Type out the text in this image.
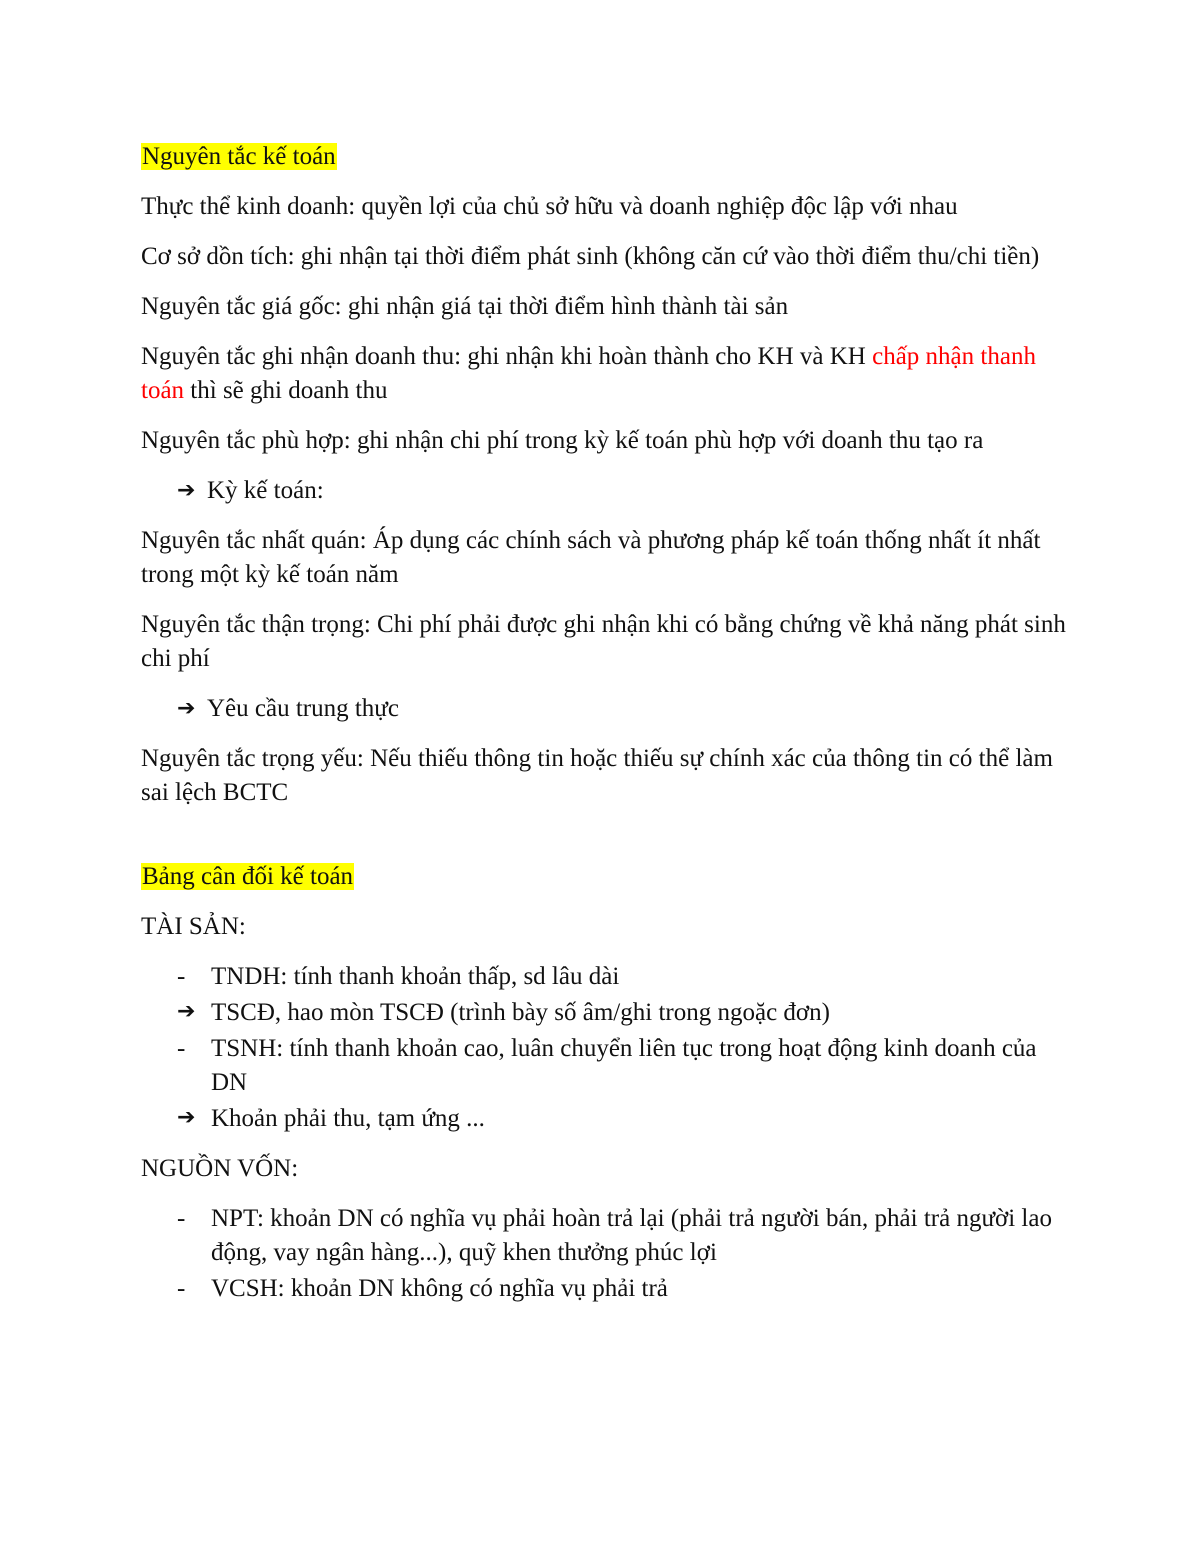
Nguyên tắc kế toán

Thực thể kinh doanh: quyền lợi của chủ sở hữu và doanh nghiệp độc lập với nhau

Cơ sở dồn tích: ghi nhận tại thời điểm phát sinh (không căn cứ vào thời điểm thu/chi tiền)

Nguyên tắc giá gốc: ghi nhận giá tại thời điểm hình thành tài sản

Nguyên tắc ghi nhận doanh thu: ghi nhận khi hoàn thành cho KH và KH chấp nhận thanh toán thì sẽ ghi doanh thu

Nguyên tắc phù hợp: ghi nhận chi phí trong kỳ kế toán phù hợp với doanh thu tạo ra

➔ Kỳ kế toán:

Nguyên tắc nhất quán: Áp dụng các chính sách và phương pháp kế toán thống nhất ít nhất trong một kỳ kế toán năm

Nguyên tắc thận trọng: Chi phí phải được ghi nhận khi có bằng chứng về khả năng phát sinh chi phí

➔ Yêu cầu trung thực

Nguyên tắc trọng yếu: Nếu thiếu thông tin hoặc thiếu sự chính xác của thông tin có thể làm sai lệch BCTC

Bảng cân đối kế toán

TÀI SẢN:

-	TNDH: tính thanh khoản thấp, sd lâu dài
➔ TSCĐ, hao mòn TSCĐ (trình bày số âm/ghi trong ngoặc đơn)
-	TSNH: tính thanh khoản cao, luân chuyển liên tục trong hoạt động kinh doanh của DN
➔ Khoản phải thu, tạm ứng ...

NGUỒN VỐN:

-	NPT: khoản DN có nghĩa vụ phải hoàn trả lại (phải trả người bán, phải trả người lao động, vay ngân hàng...), quỹ khen thưởng phúc lợi
-	VCSH: khoản DN không có nghĩa vụ phải trả
